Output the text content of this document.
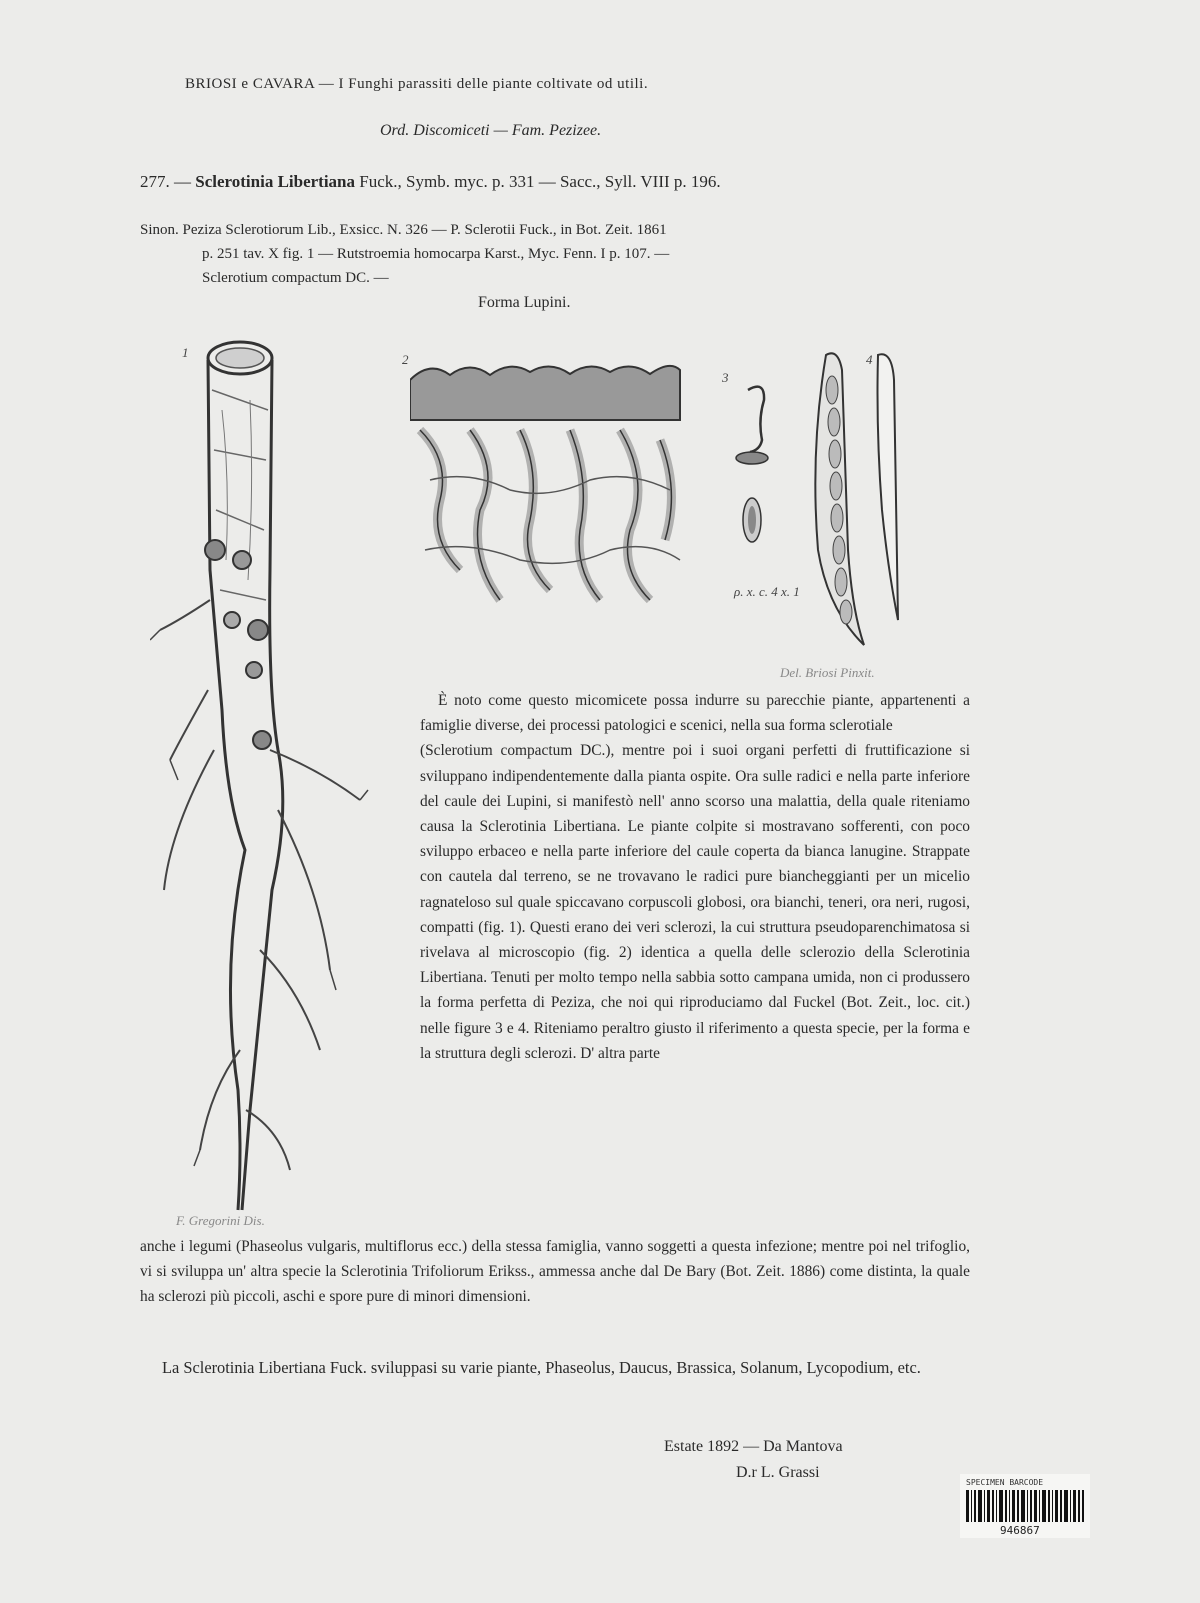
BRIOSI e CAVARA — I Funghi parassiti delle piante coltivate od utili.
Ord. Discomiceti — Fam. Pezizee.
277. — Sclerotinia Libertiana Fuck., Symb. myc. p. 331 — Sacc., Syll. VIII p. 196.
Sinon. Peziza Sclerotiorum Lib., Exsicc. N. 326 — P. Sclerotii Fuck., in Bot. Zeit. 1861
p. 251 tav. X fig. 1 — Rutstroemia homocarpa Karst., Myc. Fenn. I p. 107. —
Sclerotium compactum DC. —
Forma Lupini.
1	2
3
ρ. x. c. 4 x. 1
4
Del. Briosi Pinxit.
F. Gregorini Dis.
È noto come questo micomicete possa indurre su parecchie piante, appartenenti a famiglie diverse, dei processi patologici e scenici, nella sua forma sclerotiale
(Sclerotium compactum DC.), mentre poi i suoi organi perfetti di fruttificazione si sviluppano indipendentemente dalla pianta ospite. Ora sulle radici e nella parte inferiore del caule dei Lupini, si manifestò nell' anno scorso una malattia, della quale riteniamo causa la Sclerotinia Libertiana. Le piante colpite si mostravano sofferenti, con poco sviluppo erbaceo e nella parte inferiore del caule coperta da bianca lanugine. Strappate con cautela dal terreno, se ne trovavano le radici pure biancheggianti per un micelio ragnateloso sul quale spiccavano corpuscoli globosi, ora bianchi, teneri, ora neri, rugosi, compatti (fig. 1). Questi erano dei veri sclerozi, la cui struttura pseudoparenchimatosa si rivelava al microscopio (fig. 2) identica a quella delle sclerozio della Sclerotinia Libertiana. Tenuti per molto tempo nella sabbia sotto campana umida, non ci produssero la forma perfetta di Peziza, che noi qui riproduciamo dal Fuckel (Bot. Zeit., loc. cit.) nelle figure 3 e 4. Riteniamo peraltro giusto il riferimento a questa specie, per la forma e la struttura degli sclerozi. D' altra parte
anche i legumi (Phaseolus vulgaris, multiflorus ecc.) della stessa famiglia, vanno soggetti a questa infezione; mentre poi nel trifoglio, vi si sviluppa un' altra specie la Sclerotinia Trifoliorum Erikss., ammessa anche dal De Bary (Bot. Zeit. 1886) come distinta, la quale ha sclerozi più piccoli, aschi e spore pure di minori dimensioni.
La Sclerotinia Libertiana Fuck. sviluppasi su varie piante, Phaseolus, Daucus, Brassica, Solanum, Lycopodium, etc.
Estate 1892 — Da Mantova
D.r L. Grassi
SPECIMEN BARCODE
946867
